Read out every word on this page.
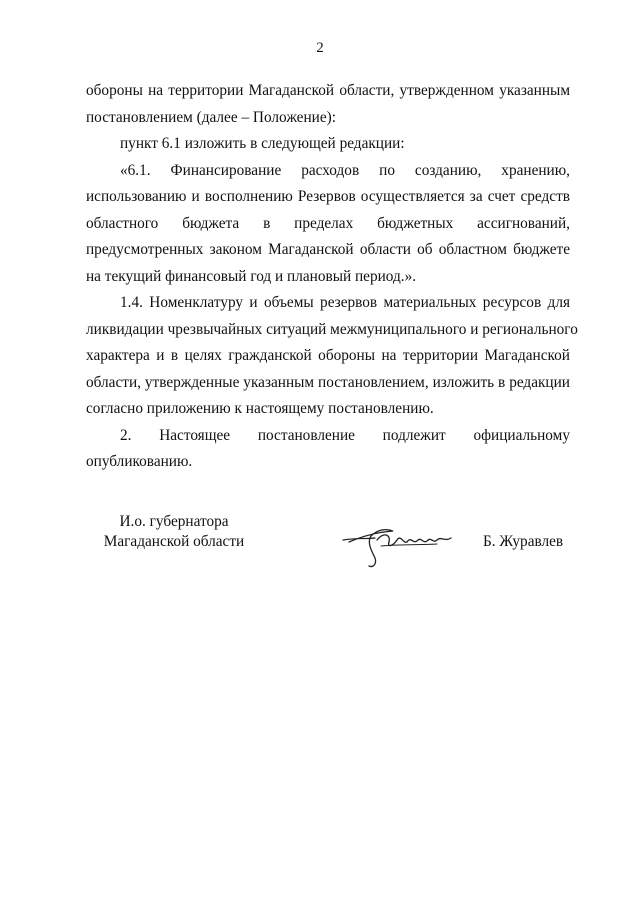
2
обороны на территории Магаданской области, утвержденном указанным
постановлением (далее – Положение):
пункт 6.1 изложить в следующей редакции:
«6.1. Финансирование расходов по созданию, хранению,
использованию и восполнению Резервов осуществляется за счет средств
областного бюджета в пределах бюджетных ассигнований,
предусмотренных законом Магаданской области об областном бюджете
на текущий финансовый год и плановый период.».
1.4. Номенклатуру и объемы резервов материальных ресурсов для
ликвидации чрезвычайных ситуаций межмуниципального и регионального
характера и в целях гражданской обороны на территории Магаданской
области, утвержденные указанным постановлением, изложить в редакции
согласно приложению к настоящему постановлению.
2. Настоящее постановление подлежит официальному
опубликованию.
И.о. губернатора
Магаданской области	Б. Журавлев
